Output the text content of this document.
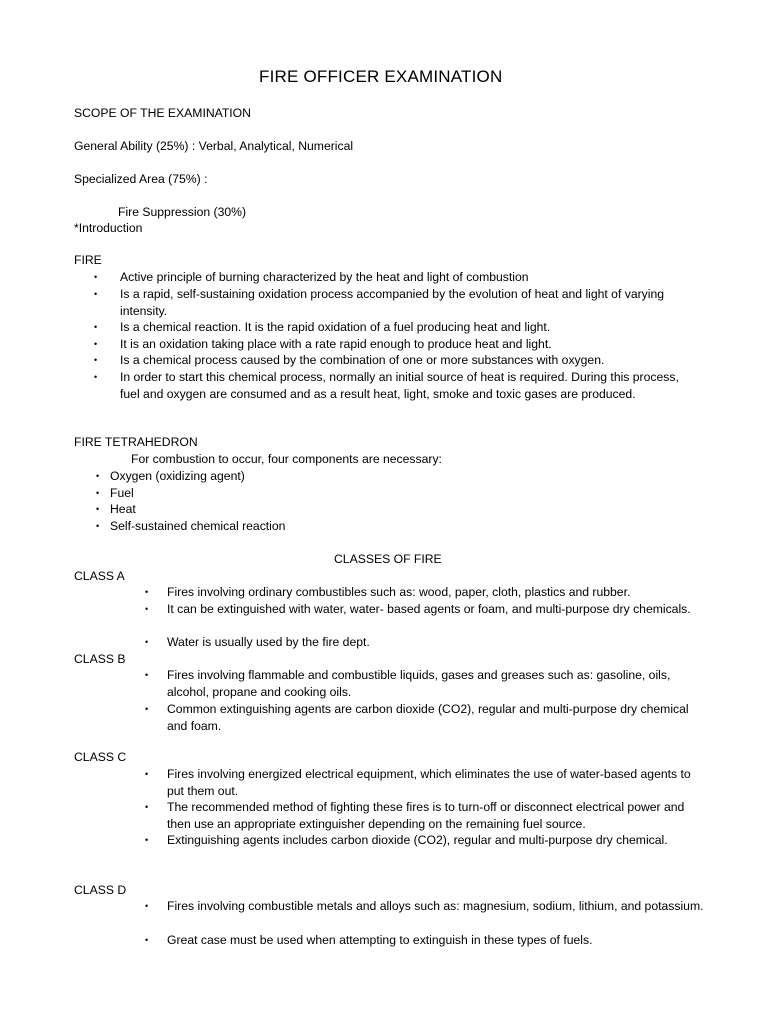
FIRE OFFICER EXAMINATION
SCOPE OF THE EXAMINATION
General Ability (25%) : Verbal, Analytical, Numerical
Specialized Area (75%) :
Fire Suppression (30%)
*Introduction
FIRE
• Active principle of burning characterized by the heat and light of combustion
• Is a rapid, self-sustaining oxidation process accompanied by the evolution of heat and light of varying intensity.
• Is a chemical reaction. It is the rapid oxidation of a fuel producing heat and light.
• It is an oxidation taking place with a rate rapid enough to produce heat and light.
• Is a chemical process caused by the combination of one or more substances with oxygen.
• In order to start this chemical process, normally an initial source of heat is required. During this process, fuel and oxygen are consumed and as a result heat, light, smoke and toxic gases are produced.
FIRE TETRAHEDRON
For combustion to occur, four components are necessary:
• Oxygen (oxidizing agent)
• Fuel
• Heat
• Self-sustained chemical reaction
CLASSES OF FIRE
CLASS A
• Fires involving ordinary combustibles such as: wood, paper, cloth, plastics and rubber.
• It can be extinguished with water, water- based agents or foam, and multi-purpose dry chemicals.
• Water is usually used by the fire dept.
CLASS B
• Fires involving flammable and combustible liquids, gases and greases such as: gasoline, oils, alcohol, propane and cooking oils.
• Common extinguishing agents are carbon dioxide (CO2), regular and multi-purpose dry chemical and foam.
CLASS C
• Fires involving energized electrical equipment, which eliminates the use of water-based agents to put them out.
• The recommended method of fighting these fires is to turn-off or disconnect electrical power and then use an appropriate extinguisher depending on the remaining fuel source.
• Extinguishing agents includes carbon dioxide (CO2), regular and multi-purpose dry chemical.
CLASS D
• Fires involving combustible metals and alloys such as: magnesium, sodium, lithium, and potassium.
• Great case must be used when attempting to extinguish in these types of fuels.
